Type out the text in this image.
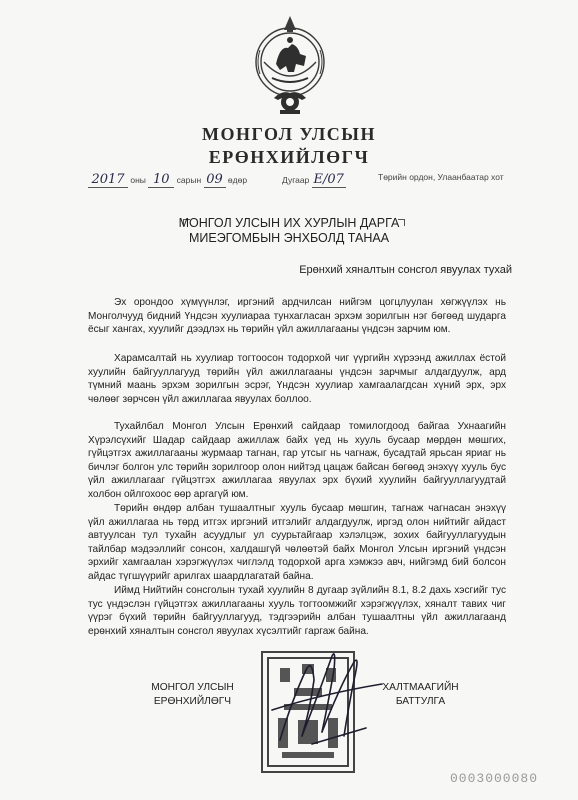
МОНГОЛ УЛСЫН
ЕРӨНХИЙЛӨГЧ
2017 оны 10 сарын 09 өдөр	Дугаар Е/07	Төрийн ордон, Улаанбаатар хот
МОНГОЛ УЛСЫН ИХ ХУРЛЫН ДАРГА
МИЕЭГОМБЫН ЭНХБОЛД ТАНАА
Ерөнхий хяналтын сонсгол явуулах тухай

Эх орондоо хүмүүнлэг, иргэний ардчилсан нийгэм цогцлуулан хөгжүүлэх нь Монголчууд бидний Үндсэн хуулиараа тунхагласан эрхэм зорилгын нэг бөгөөд шударга ёсыг хангах, хуулийг дээдлэх нь төрийн үйл ажиллагааны үндсэн зарчим юм.

Харамсалтай нь хуулиар тогтоосон тодорхой чиг үүргийн хүрээнд ажиллах ёстой хуулийн байгууллагууд төрийн үйл ажиллагааны үндсэн зарчмыг алдагдуулж, ард түмний маань эрхэм зорилгын эсрэг, Үндсэн хуулиар хамгаалагдсан хүний эрх, эрх чөлөөг зөрчсөн үйл ажиллагаа явуулах боллоо.

Тухайлбал Монгол Улсын Ерөнхий сайдаар томилогдоод байгаа Ухнаагийн Хүрэлсүхийг Шадар сайдаар ажиллаж байх үед нь хууль бусаар мөрдөн мөшгих, гүйцэтгэх ажиллагааны журмаар тагнан, гар утсыг нь чагнаж, бусадтай ярьсан яриаг нь бичлэг болгон улс төрийн зорилгоор олон нийтэд цацаж байсан бөгөөд энэхүү хууль бус үйл ажиллагааг гүйцэтгэх ажиллагаа явуулах эрх бүхий хуулийн байгууллагуудтай холбон ойлгохоос өөр аргагүй юм.

Төрийн өндөр албан тушаалтныг хууль бусаар мөшгин, тагнаж чагнасан энэхүү үйл ажиллагаа нь төрд итгэх иргэний итгэлийг алдагдуулж, иргэд олон нийтийг айдаст автуулсан тул тухайн асуудлыг ул суурьтайгаар хэлэлцэж, зохих байгууллагуудын тайлбар мэдээллийг сонсон, халдашгүй чөлөөтэй байх Монгол Улсын иргэний үндсэн эрхийг хамгаалан хэрэгжүүлэх чиглэлд тодорхой арга хэмжээ авч, нийгэмд бий болсон айдас түгшүүрийг арилгах шаардлагатай байна.

Иймд Нийтийн сонсголын тухай хуулийн 8 дугаар зүйлийн 8.1, 8.2 дахь хэсгийг тус тус үндэслэн гүйцэтгэх ажиллагааны хууль тогтоомжийг хэрэгжүүлэх, хяналт тавих чиг үүрэг бүхий төрийн байгууллагууд, тэдгээрийн албан тушаалтны үйл ажиллагаанд ерөнхий хяналтын сонсгол явуулах хүсэлтийг гаргаж байна.

МОНГОЛ УЛСЫН
ЕРӨНХИЙЛӨГЧ
ХАЛТМААГИЙН
БАТТУЛГА
0003000080
